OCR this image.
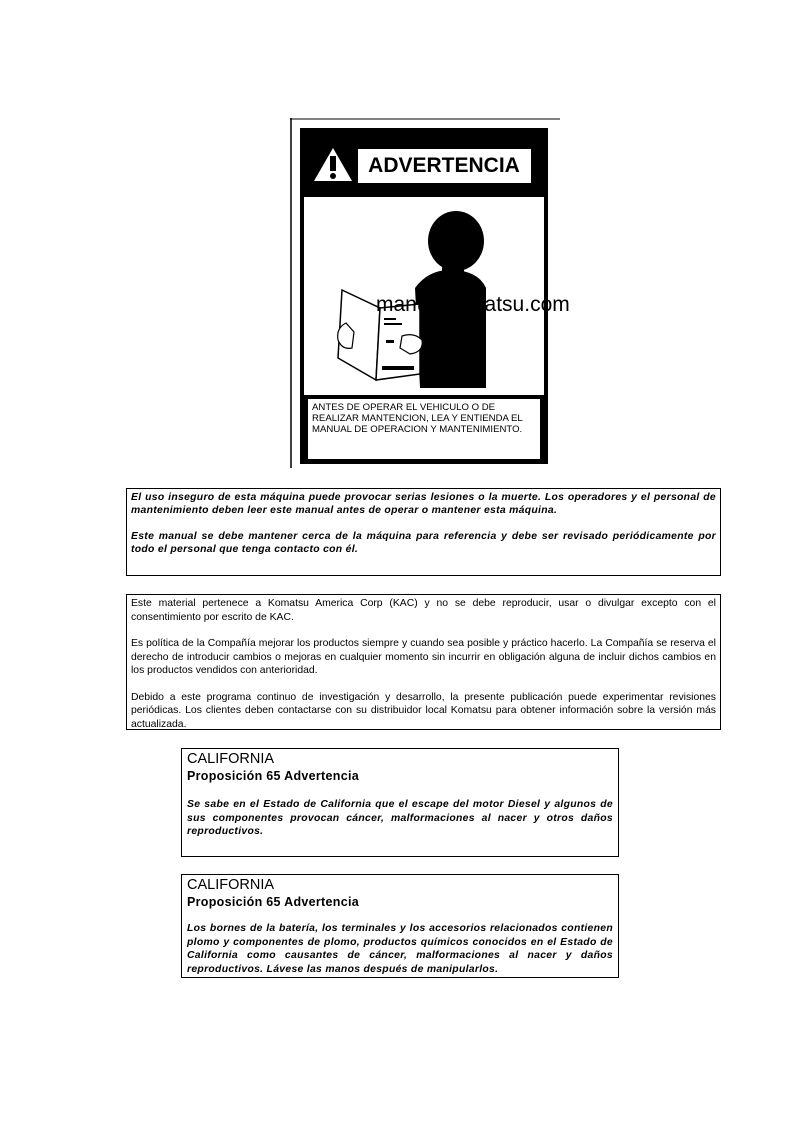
ADVERTENCIA
ANTES DE OPERAR EL VEHICULO O DE REALIZAR MANTENCION, LEA Y ENTIENDA EL MANUAL DE OPERACION Y MANTENIMIENTO.
manualkomatsu.com

El uso inseguro de esta máquina puede provocar serias lesiones o la muerte. Los operadores y el personal de mantenimiento deben leer este manual antes de operar o mantener esta máquina.

Este manual se debe mantener cerca de la máquina para referencia y debe ser revisado periódicamente por todo el personal que tenga contacto con él.

Este material pertenece a Komatsu America Corp (KAC) y no se debe reproducir, usar o divulgar excepto con el consentimiento por escrito de KAC.

Es política de la Compañía mejorar los productos siempre y cuando sea posible y práctico hacerlo. La Compañía se reserva el derecho de introducir cambios o mejoras en cualquier momento sin incurrir en obligación alguna de incluir dichos cambios en los productos vendidos con anterioridad.

Debido a este programa continuo de investigación y desarrollo, la presente publicación puede experimentar revisiones periódicas. Los clientes deben contactarse con su distribuidor local Komatsu para obtener información sobre la versión más actualizada.

CALIFORNIA

Proposición 65 Advertencia

Se sabe en el Estado de California que el escape del motor Diesel y algunos de sus componentes provocan cáncer, malformaciones al nacer y otros daños reproductivos.

CALIFORNIA

Proposición 65 Advertencia

Los bornes de la batería, los terminales y los accesorios relacionados contienen plomo y componentes de plomo, productos químicos conocidos en el Estado de California como causantes de cáncer, malformaciones al nacer y daños reproductivos. Lávese las manos después de manipularlos.
